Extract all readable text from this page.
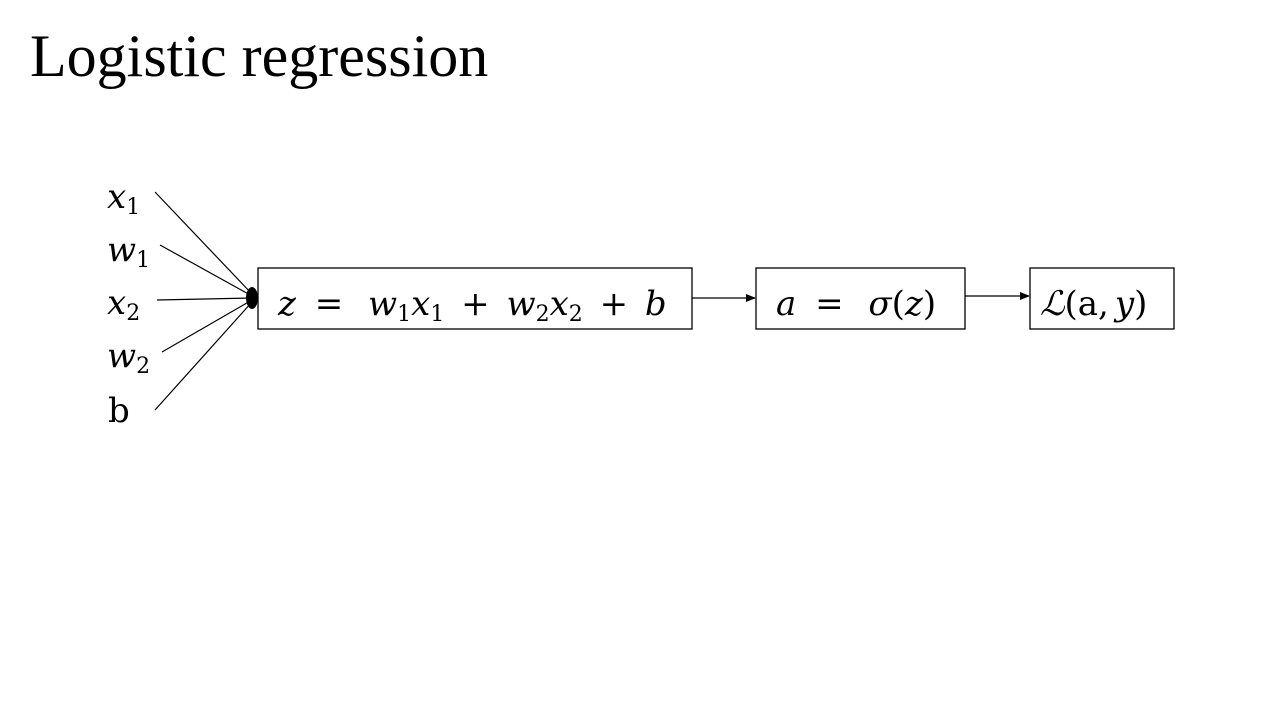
Logistic regression
x1
w1
x2
w2
b
z = w1x1 + w2x2 + b	a = σ(z)	ℒ(a, y)
